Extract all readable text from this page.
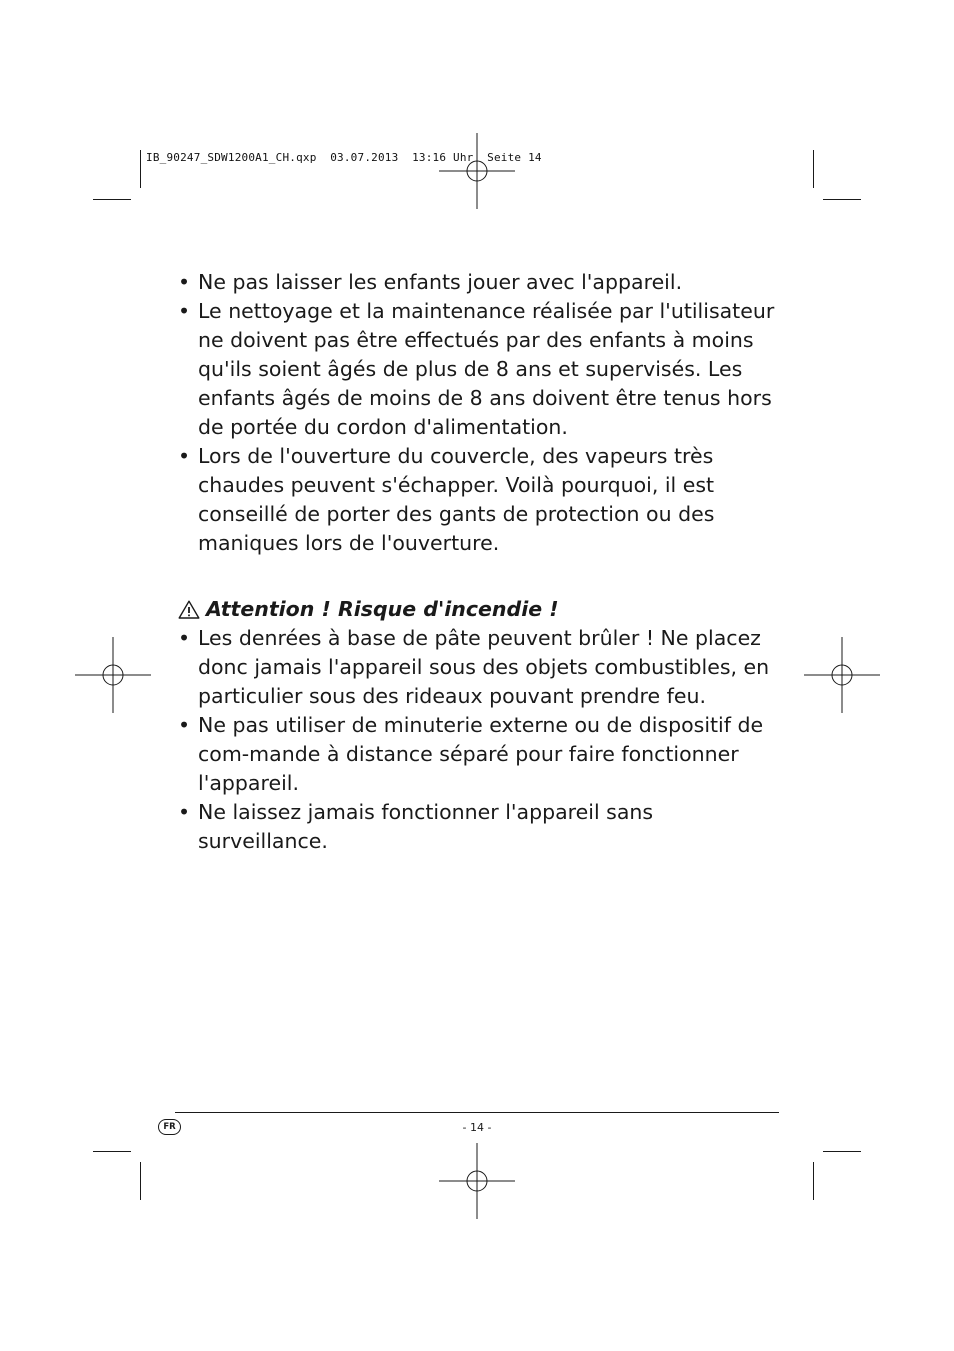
IB_90247_SDW1200A1_CH.qxp  03.07.2013  13:16 Uhr  Seite 14
• Ne pas laisser les enfants jouer avec l'appareil.
• Le nettoyage et la maintenance réalisée par l'utilisateur ne doivent pas être effectués par des enfants à moins qu'ils soient âgés de plus de 8 ans et supervisés. Les enfants âgés de moins de 8 ans doivent être tenus hors de portée du cordon d'alimentation.
• Lors de l'ouverture du couvercle, des vapeurs très chaudes peuvent s'échapper. Voilà pourquoi, il est conseillé de porter des gants de protection ou des maniques lors de l'ouverture.
Attention ! Risque d'incendie !
• Les denrées à base de pâte peuvent brûler ! Ne placez donc jamais l'appareil sous des objets combustibles, en particulier sous des rideaux pouvant prendre feu.
• Ne pas utiliser de minuterie externe ou de dispositif de com-mande à distance séparé pour faire fonctionner l'appareil.
• Ne laissez jamais fonctionner l'appareil sans surveillance.
FR	- 14 -
